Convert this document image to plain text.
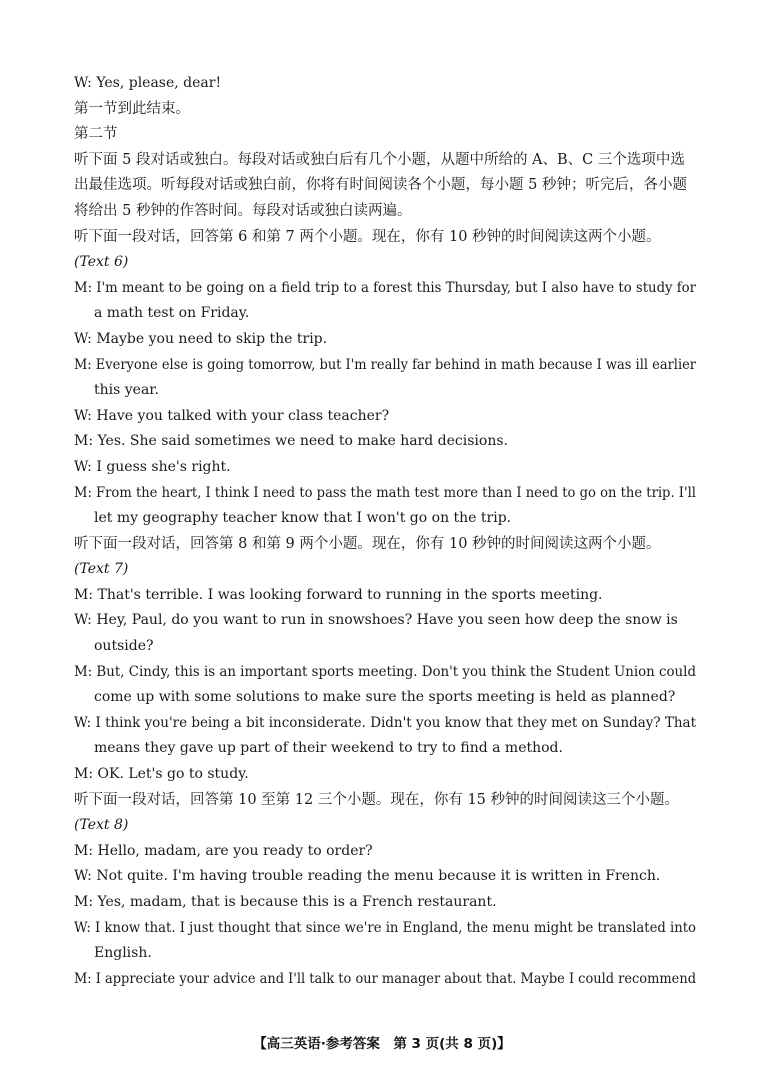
W: Yes, please, dear!
第一节到此结束。
第二节
听下面 5 段对话或独白。每段对话或独白后有几个小题，从题中所给的 A、B、C 三个选项中选
出最佳选项。听每段对话或独白前，你将有时间阅读各个小题，每小题 5 秒钟；听完后，各小题
将给出 5 秒钟的作答时间。每段对话或独白读两遍。
听下面一段对话，回答第 6 和第 7 两个小题。现在，你有 10 秒钟的时间阅读这两个小题。
(Text 6)
M: I'm meant to be going on a field trip to a forest this Thursday, but I also have to study for
a math test on Friday.
W: Maybe you need to skip the trip.
M: Everyone else is going tomorrow, but I'm really far behind in math because I was ill earlier
this year.
W: Have you talked with your class teacher?
M: Yes. She said sometimes we need to make hard decisions.
W: I guess she's right.
M: From the heart, I think I need to pass the math test more than I need to go on the trip. I'll
let my geography teacher know that I won't go on the trip.
听下面一段对话，回答第 8 和第 9 两个小题。现在，你有 10 秒钟的时间阅读这两个小题。
(Text 7)
M: That's terrible. I was looking forward to running in the sports meeting.
W: Hey, Paul, do you want to run in snowshoes? Have you seen how deep the snow is
outside?
M: But, Cindy, this is an important sports meeting. Don't you think the Student Union could
come up with some solutions to make sure the sports meeting is held as planned?
W: I think you're being a bit inconsiderate. Didn't you know that they met on Sunday? That
means they gave up part of their weekend to try to find a method.
M: OK. Let's go to study.
听下面一段对话，回答第 10 至第 12 三个小题。现在，你有 15 秒钟的时间阅读这三个小题。
(Text 8)
M: Hello, madam, are you ready to order?
W: Not quite. I'm having trouble reading the menu because it is written in French.
M: Yes, madam, that is because this is a French restaurant.
W: I know that. I just thought that since we're in England, the menu might be translated into
English.
M: I appreciate your advice and I'll talk to our manager about that. Maybe I could recommend
【高三英语·参考答案　第 3 页(共 8 页)】
